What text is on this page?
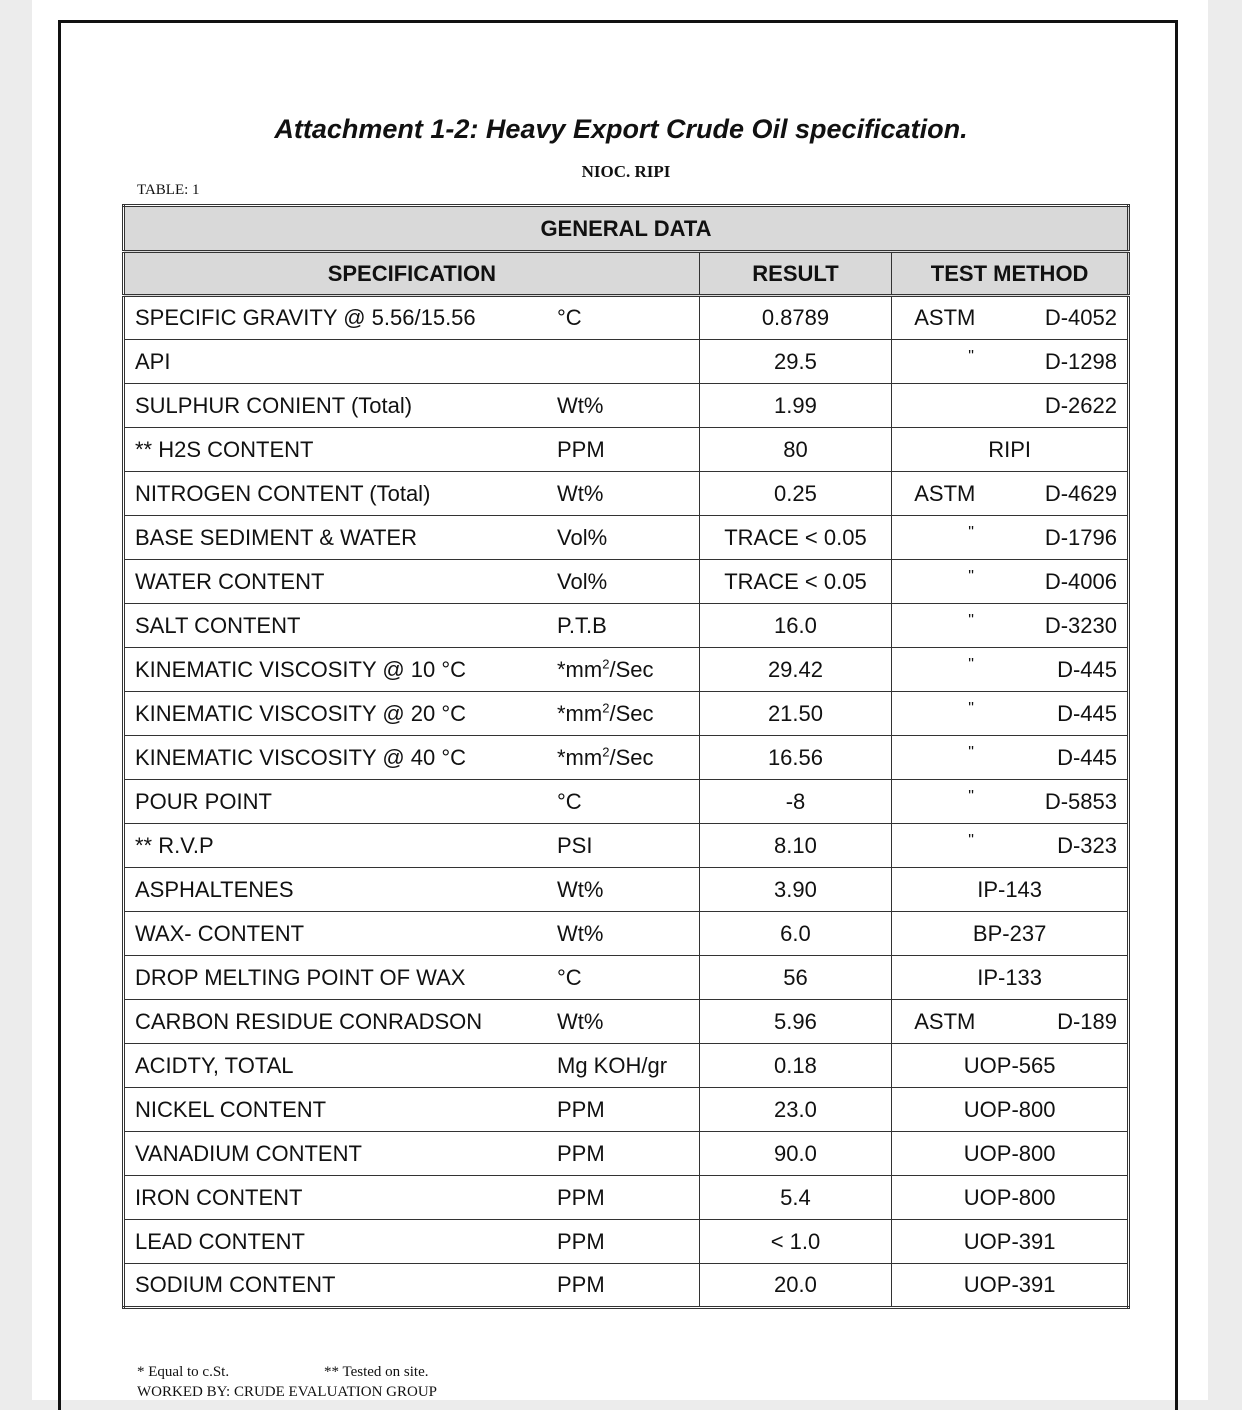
Attachment 1-2: Heavy Export Crude Oil specification.
NIOC. RIPI
TABLE: 1
GENERAL DATA		
SPECIFICATION	RESULT	TEST METHOD

SPECIFIC GRAVITY @ 5.56/15.56 °C	0.8789	ASTM D-4052

API	29.5	" D-1298

SULPHUR CONIENT (Total) Wt%	1.99	D-2622

** H2S CONTENT PPM	80	RIPI

NITROGEN CONTENT (Total) Wt%	0.25	ASTM D-4629

BASE SEDIMENT & WATER Vol%	TRACE < 0.05	" D-1796

WATER CONTENT Vol%	TRACE < 0.05	" D-4006

SALT CONTENT P.T.B	16.0	" D-3230

KINEMATIC VISCOSITY @ 10 °C $*mm^2$/Sec	29.42	" D-445

KINEMATIC VISCOSITY @ 20 °C $*mm^2$/Sec	21.50	" D-445

KINEMATIC VISCOSITY @ 40 °C $*mm^2$/Sec	16.56	" D-445

POUR POINT °C	-8	" D-5853

** R.V.P PSI	8.10	" D-323

ASPHALTENES Wt%	3.90	IP-143

WAX- CONTENT Wt%	6.0	BP-237

DROP MELTING POINT OF WAX °C	56	IP-133

CARBON RESIDUE CONRADSON Wt%	5.96	ASTM D-189

ACIDTY, TOTAL Mg KOH/gr	0.18	UOP-565

NICKEL CONTENT PPM	23.0	UOP-800

VANADIUM CONTENT PPM	90.0	UOP-800

IRON CONTENT PPM	5.4	UOP-800

LEAD CONTENT PPM	< 1.0	UOP-391

SODIUM CONTENT PPM	20.0	UOP-391
* Equal to c.St.	** Tested on site.
WORKED BY: CRUDE EVALUATION GROUP
